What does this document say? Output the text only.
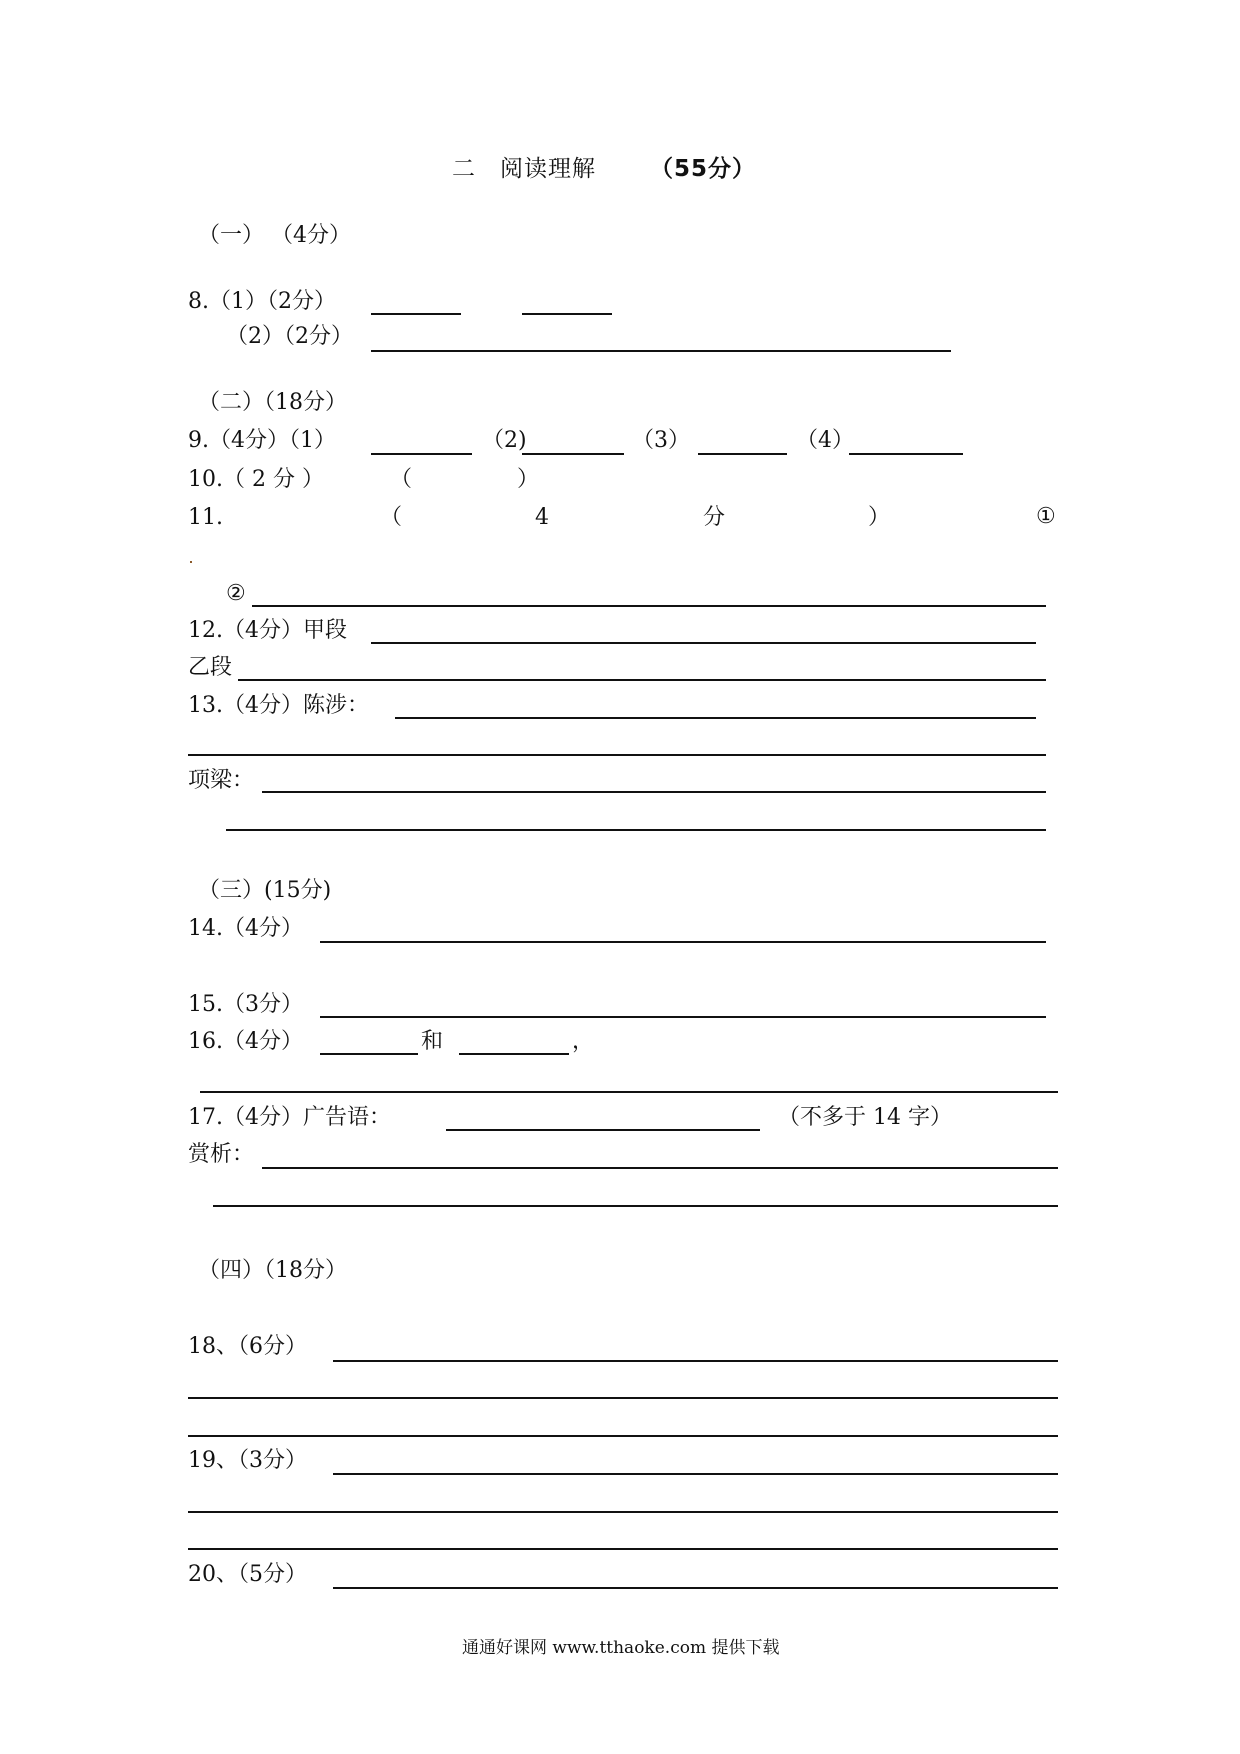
二　阅读理解 （55分）
（一） （4分）
8.（1）（2分）
（2）（2分）
（二）（18分）
9.（4分）（1）	（2)	（3）	（4）
10.（ 2 分 ）	（	）
11.	（	4	分	）	①
②
12.（4分）甲段
乙段
13.（4分）陈涉：
项梁：
（三）(15分)
14.（4分）
15.（3分）
16.（4分）	和	，
17.（4分）广告语：	（不多于 14 字）
赏析：
（四）（18分）
18、（6分）
19、（3分）
20、（5分）
通通好课网 www.tthaoke.com 提供下载
